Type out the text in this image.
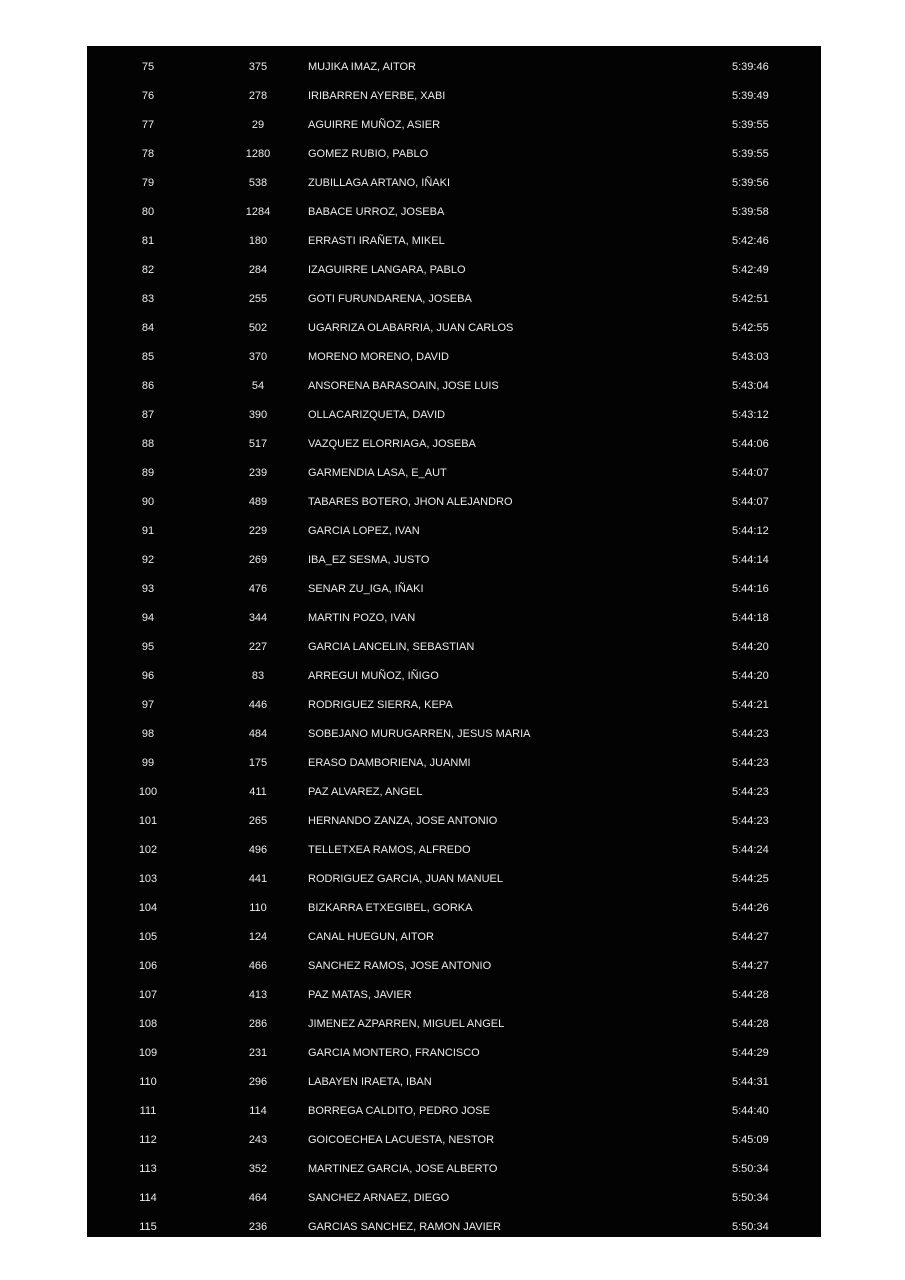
75	375	MUJIKA IMAZ, AITOR	5:39:46
76	278	IRIBARREN AYERBE, XABI	5:39:49
77	29	AGUIRRE MUÑOZ, ASIER	5:39:55
78	1280	GOMEZ RUBIO, PABLO	5:39:55
79	538	ZUBILLAGA ARTANO, IÑAKI	5:39:56
80	1284	BABACE URROZ, JOSEBA	5:39:58
81	180	ERRASTI IRAÑETA, MIKEL	5:42:46
82	284	IZAGUIRRE LANGARA, PABLO	5:42:49
83	255	GOTI FURUNDARENA, JOSEBA	5:42:51
84	502	UGARRIZA OLABARRIA, JUAN CARLOS	5:42:55
85	370	MORENO MORENO, DAVID	5:43:03
86	54	ANSORENA BARASOAIN, JOSE LUIS	5:43:04
87	390	OLLACARIZQUETA, DAVID	5:43:12
88	517	VAZQUEZ ELORRIAGA, JOSEBA	5:44:06
89	239	GARMENDIA LASA, E_AUT	5:44:07
90	489	TABARES BOTERO, JHON ALEJANDRO	5:44:07
91	229	GARCIA LOPEZ, IVAN	5:44:12
92	269	IBA_EZ SESMA, JUSTO	5:44:14
93	476	SENAR ZU_IGA, IÑAKI	5:44:16
94	344	MARTIN POZO, IVAN	5:44:18
95	227	GARCIA LANCELIN, SEBASTIAN	5:44:20
96	83	ARREGUI MUÑOZ, IÑIGO	5:44:20
97	446	RODRIGUEZ SIERRA, KEPA	5:44:21
98	484	SOBEJANO MURUGARREN, JESUS MARIA	5:44:23
99	175	ERASO DAMBORIENA, JUANMI	5:44:23
100	411	PAZ ALVAREZ, ANGEL	5:44:23
101	265	HERNANDO ZANZA, JOSE ANTONIO	5:44:23
102	496	TELLETXEA RAMOS, ALFREDO	5:44:24
103	441	RODRIGUEZ GARCIA, JUAN MANUEL	5:44:25
104	110	BIZKARRA ETXEGIBEL, GORKA	5:44:26
105	124	CANAL HUEGUN, AITOR	5:44:27
106	466	SANCHEZ RAMOS, JOSE ANTONIO	5:44:27
107	413	PAZ MATAS, JAVIER	5:44:28
108	286	JIMENEZ AZPARREN, MIGUEL ANGEL	5:44:28
109	231	GARCIA MONTERO, FRANCISCO	5:44:29
110	296	LABAYEN IRAETA, IBAN	5:44:31
111	114	BORREGA CALDITO, PEDRO JOSE	5:44:40
112	243	GOICOECHEA LACUESTA, NESTOR	5:45:09
113	352	MARTINEZ GARCIA, JOSE ALBERTO	5:50:34
114	464	SANCHEZ ARNAEZ, DIEGO	5:50:34
115	236	GARCIAS SANCHEZ, RAMON JAVIER	5:50:34
